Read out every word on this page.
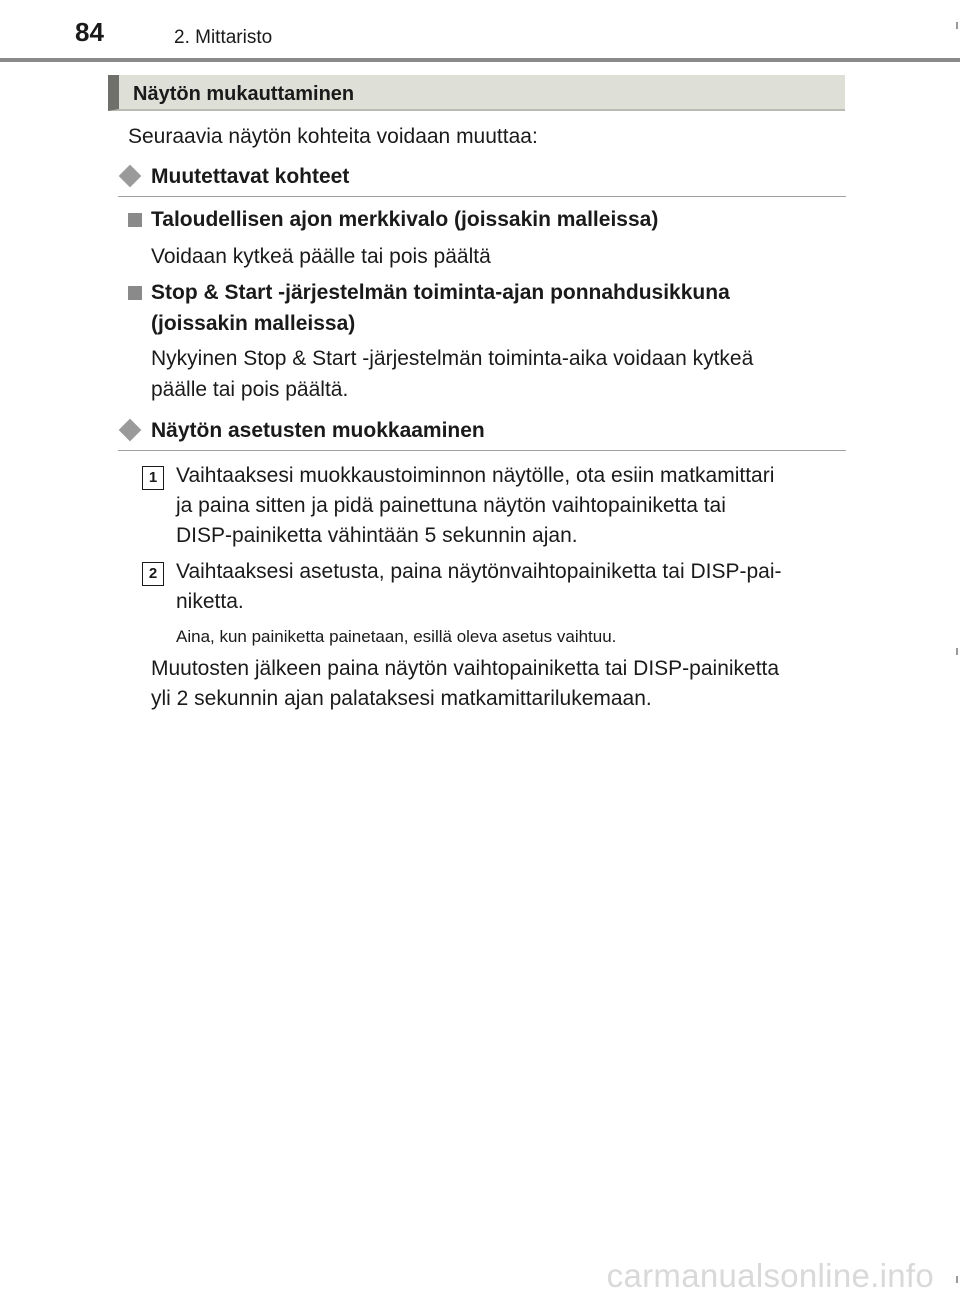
84	2. Mittaristo
Näytön mukauttaminen
Seuraavia näytön kohteita voidaan muuttaa:
Muutettavat kohteet
Taloudellisen ajon merkkivalo (joissakin malleissa)
Voidaan kytkeä päälle tai pois päältä
Stop & Start -järjestelmän toiminta-ajan ponnahdusikkuna
(joissakin malleissa)
Nykyinen Stop & Start -järjestelmän toiminta-aika voidaan kytkeä
päälle tai pois päältä.
Näytön asetusten muokkaaminen
1 Vaihtaaksesi muokkaustoiminnon näytölle, ota esiin matkamittari
ja paina sitten ja pidä painettuna näytön vaihtopainiketta tai
DISP-painiketta vähintään 5 sekunnin ajan.
2 Vaihtaaksesi asetusta, paina näytönvaihtopainiketta tai DISP-pai-
niketta.
Aina, kun painiketta painetaan, esillä oleva asetus vaihtuu.
Muutosten jälkeen paina näytön vaihtopainiketta tai DISP-painiketta
yli 2 sekunnin ajan palataksesi matkamittarilukemaan.
carmanualsonline.info
